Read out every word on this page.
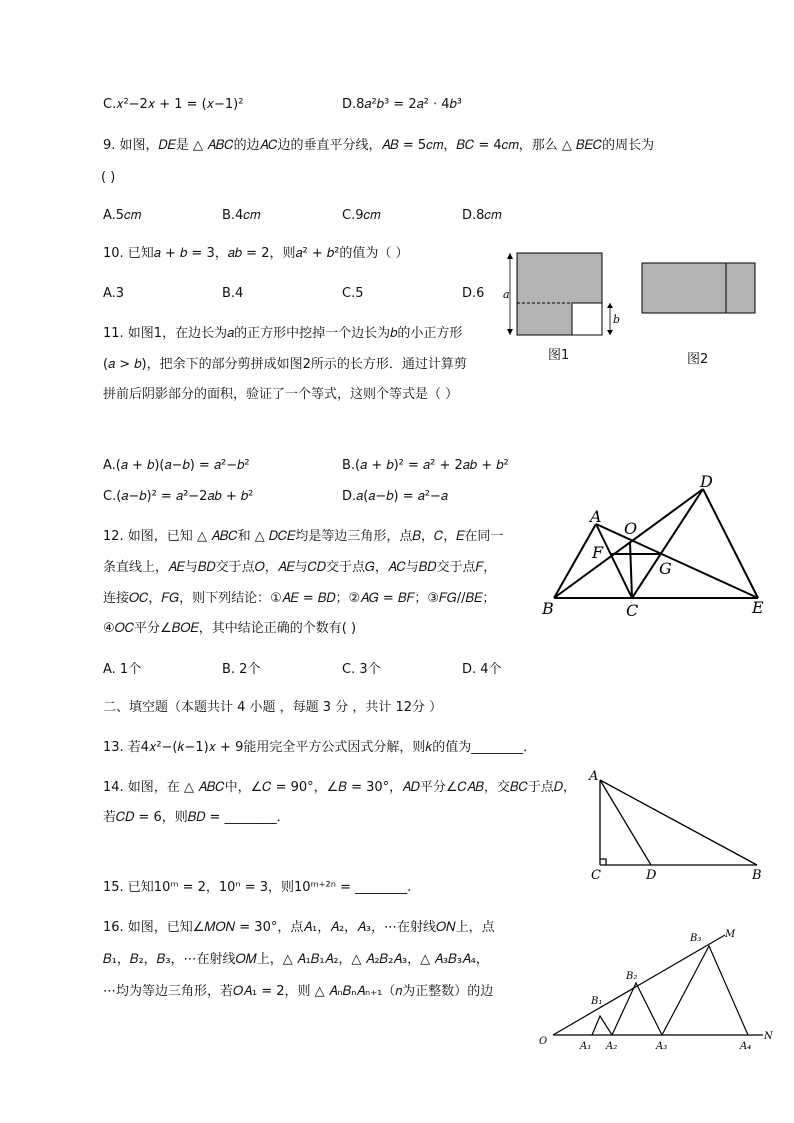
C.𝑥²−2𝑥 + 1 = (𝑥−1)²	D.8𝑎²𝑏³ = 2𝑎² ⋅ 4𝑏³
9. 如图，𝐷𝐸是 △ 𝐴𝐵𝐶的边𝐴𝐶边的垂直平分线，𝐴𝐵 = 5𝑐𝑚，𝐵𝐶 = 4𝑐𝑚，那么 △ 𝐵𝐸𝐶的周长为
( )
A.5𝑐𝑚	B.4𝑐𝑚	C.9𝑐𝑚	D.8𝑐𝑚
10. 已知𝑎 + 𝑏 = 3，𝑎𝑏 = 2，则𝑎² + 𝑏²的值为（ ）
A.3	B.4	C.5	D.6 a
b
图1	图2
11. 如图1，在边长为𝑎的正方形中挖掉一个边长为𝑏的小正方形
(𝑎 > 𝑏)，把余下的部分剪拼成如图2所示的长方形．通过计算剪
拼前后阴影部分的面积，验证了一个等式，这则个等式是（ ）
A.(𝑎 + 𝑏)(𝑎−𝑏) = 𝑎²−𝑏²	B.(𝑎 + 𝑏)² = 𝑎² + 2𝑎𝑏 + 𝑏²
C.(𝑎−𝑏)² = 𝑎²−2𝑎𝑏 + 𝑏²	D.𝑎(𝑎−𝑏) = 𝑎²−𝑎
A
B	C
D
E
F
G
O
12. 如图，已知 △ 𝐴𝐵𝐶和 △ 𝐷𝐶𝐸均是等边三角形，点𝐵，𝐶，𝐸在同一
条直线上，𝐴𝐸与𝐵𝐷交于点𝑂，𝐴𝐸与𝐶𝐷交于点𝐺，𝐴𝐶与𝐵𝐷交于点𝐹，
连接𝑂𝐶，𝐹𝐺，则下列结论：①𝐴𝐸 = 𝐵𝐷；②𝐴𝐺 = 𝐵𝐹；③𝐹𝐺//𝐵𝐸；
④𝑂𝐶平分∠𝐵𝑂𝐸，其中结论正确的个数有( )
A. 1个	B. 2个	C. 3个	D. 4个
二、填空题（本题共计 4 小题 ，每题 3 分 ，共计 12分 ）
13. 若4𝑥²−(𝑘−1)𝑥 + 9能用完全平方公式因式分解，则𝑘的值为________．
A
C	D	B
14. 如图，在 △ 𝐴𝐵𝐶中，∠𝐶 = 90°，∠𝐵 = 30°，𝐴𝐷平分∠𝐶𝐴𝐵，交𝐵𝐶于点𝐷，
若𝐶𝐷 = 6，则𝐵𝐷 = ________．
15. 已知10ᵐ = 2，10ⁿ = 3，则10ᵐ⁺²ⁿ = ________.
O	N
M
A₁ A₂	A₃	A₄
B₁
B₂
B₃
16. 如图，已知∠𝑀𝑂𝑁 = 30°，点𝐴₁，𝐴₂，𝐴₃，⋯在射线𝑂𝑁上，点
𝐵₁，𝐵₂，𝐵₃，⋯在射线𝑂𝑀上，△ 𝐴₁𝐵₁𝐴₂，△ 𝐴₂𝐵₂𝐴₃，△ 𝐴₃𝐵₃𝐴₄，
⋯均为等边三角形，若𝑂𝐴₁ = 2，则 △ 𝐴ₙ𝐵ₙ𝐴ₙ₊₁（𝑛为正整数）的边
